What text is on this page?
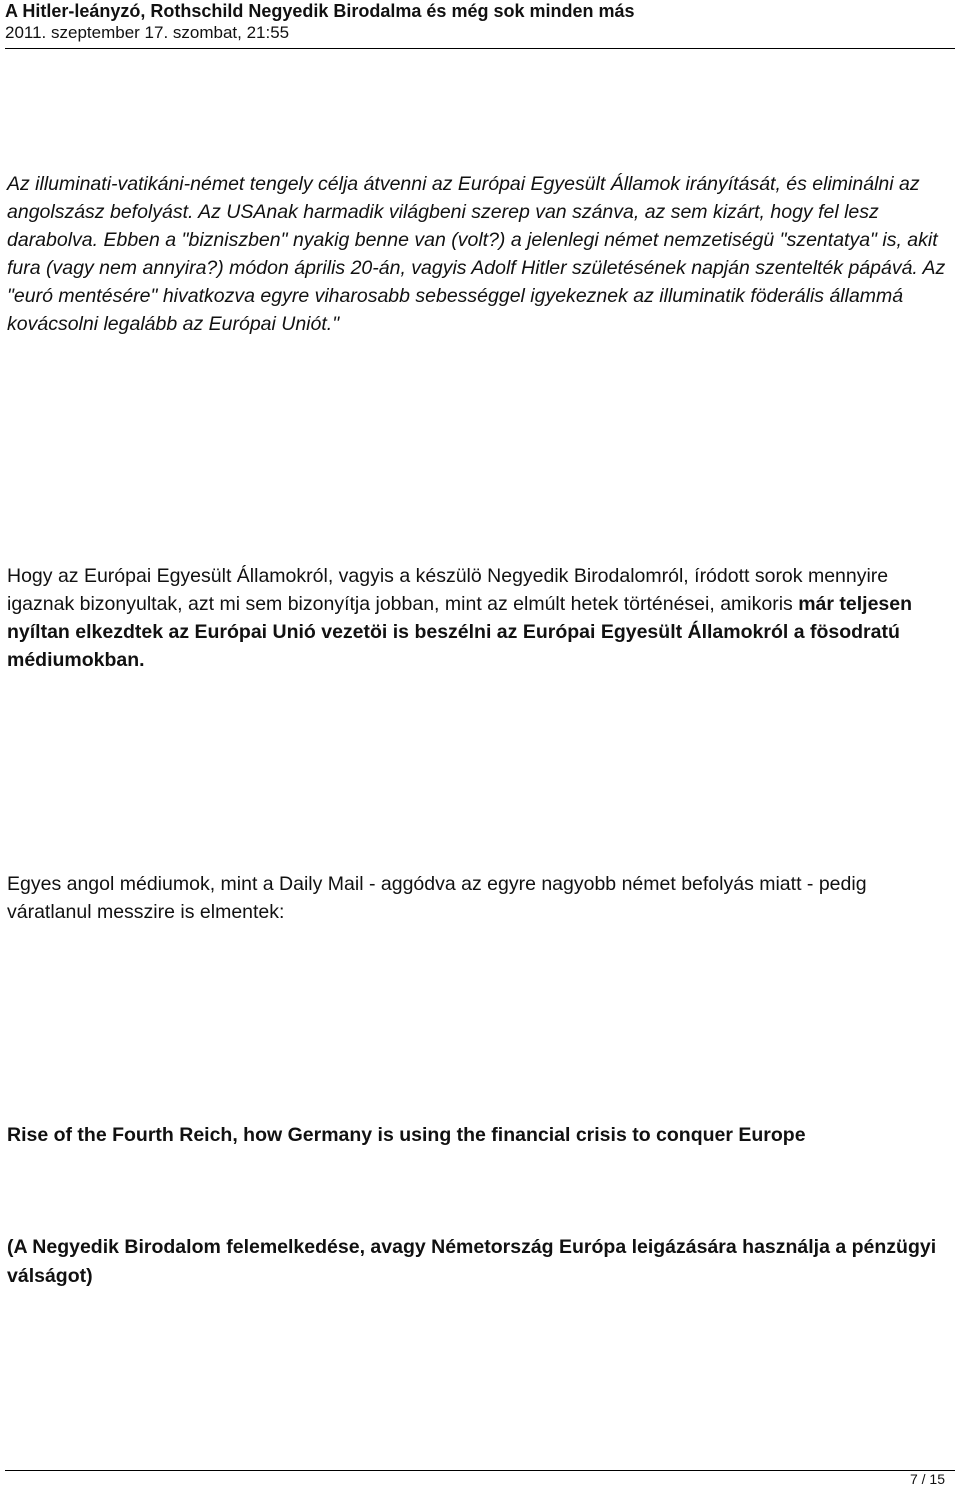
A Hitler-leányzó, Rothschild Negyedik Birodalma és még sok minden más
2011. szeptember 17. szombat, 21:55

Az illuminati-vatikáni-német tengely célja átvenni az Európai Egyesült Államok irányítását, és eliminálni az angolszász befolyást. Az USAnak harmadik világbeni szerep van szánva, az sem kizárt, hogy fel lesz darabolva. Ebben a "bizniszben" nyakig benne van (volt?) a jelenlegi német nemzetiségü "szentatya" is, akit fura (vagy nem annyira?) módon április 20-án, vagyis Adolf Hitler születésének napján szentelték pápává. Az "euró mentésére" hivatkozva egyre viharosabb sebességgel igyekeznek az illuminatik föderális állammá kovácsolni legalább az Európai Uniót."

Hogy az Európai Egyesült Államokról, vagyis a készülö Negyedik Birodalomról, íródott sorok mennyire igaznak bizonyultak, azt mi sem bizonyítja jobban, mint az elmúlt hetek történései, amikoris már teljesen nyíltan elkezdtek az Európai Unió vezetöi is beszélni az Európai Egyesült Államokról a fösodratú médiumokban.

Egyes angol médiumok, mint a Daily Mail - aggódva az egyre nagyobb német befolyás miatt - pedig váratlanul messzire is elmentek:

Rise of the Fourth Reich, how Germany is using the financial crisis to conquer Europe

(A Negyedik Birodalom felemelkedése, avagy Németország Európa leigázására használja a pénzügyi válságot)

7 / 15
